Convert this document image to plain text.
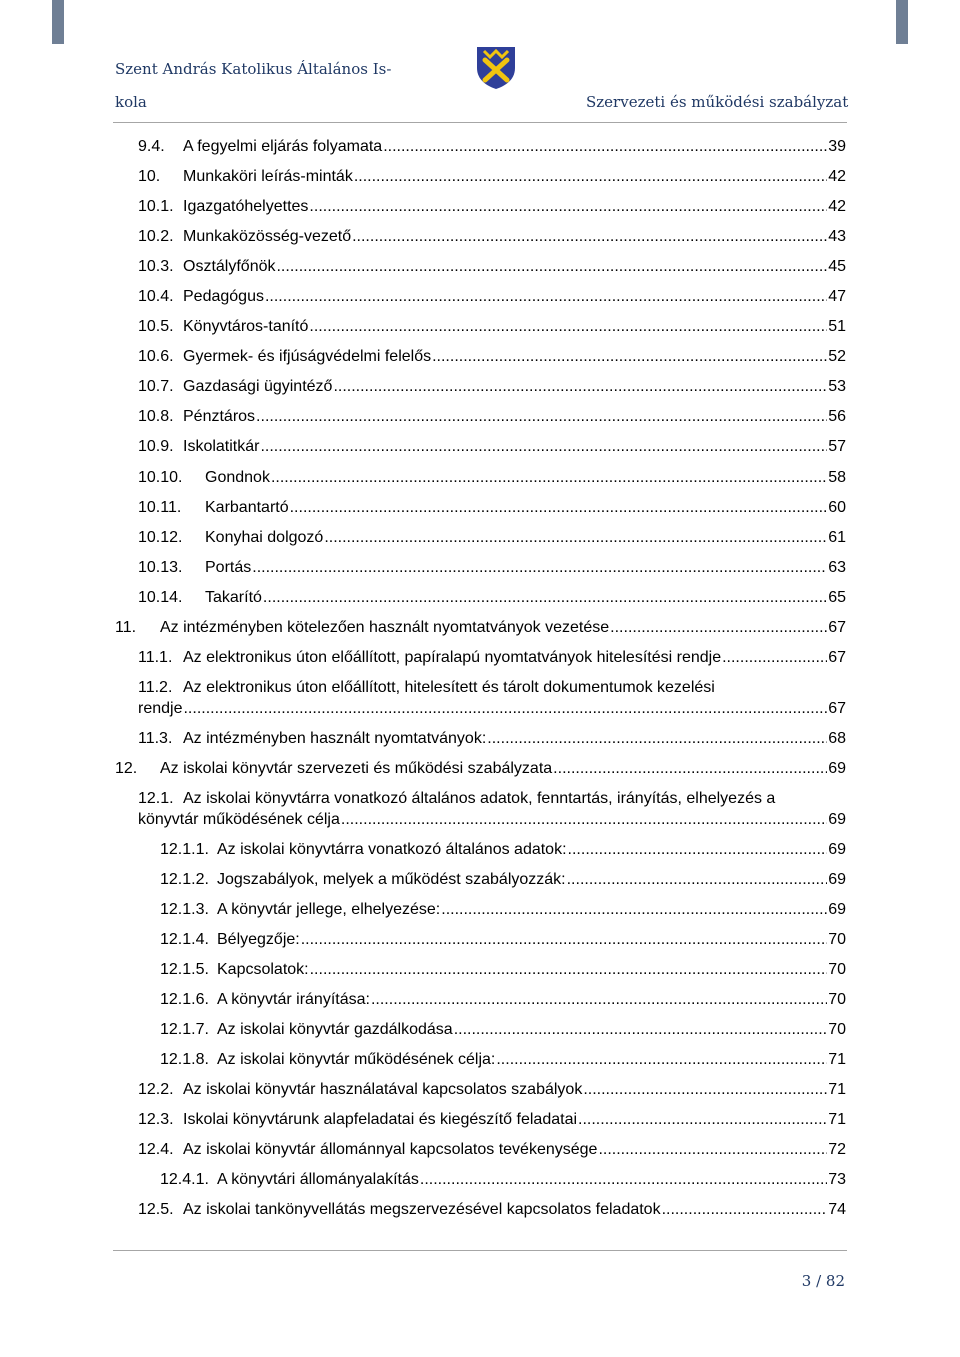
Szent András Katolikus Általános Is-
kola	Szervezeti és működési szabályzat
9.4.	A fegyelmi eljárás folyamata .....	39
10.	Munkaköri leírás-minták .....	42
10.1. Igazgatóhelyettes .....	42
10.2. Munkaközösség-vezető .....	43
10.3. Osztályfőnök .....	45
10.4. Pedagógus .....	47
10.5. Könyvtáros-tanító .....	51
10.6. Gyermek- és ifjúságvédelmi felelős .....	52
10.7. Gazdasági ügyintéző .....	53
10.8. Pénztáros .....	56
10.9. Iskolatitkár .....	57
10.10.	Gondnok .....	58
10.11.	Karbantartó .....	60
10.12.	Konyhai dolgozó .....	61
10.13.	Portás .....	63
10.14.	Takarító .....	65
11.	Az intézményben kötelezően használt nyomtatványok vezetése .....	67
11.1. Az elektronikus úton előállított, papíralapú nyomtatványok hitelesítési rendje .....	67
11.2. Az elektronikus úton előállított, hitelesített és tárolt dokumentumok kezelési
rendje .....	67
11.3. Az intézményben használt nyomtatványok: .....	68
12.	Az iskolai könyvtár szervezeti és működési szabályzata .....	69
12.1. Az iskolai könyvtárra vonatkozó általános adatok, fenntartás, irányítás, elhelyezés a
könyvtár működésének célja .....	69
12.1.1. Az iskolai könyvtárra vonatkozó általános adatok: .....	69
12.1.2. Jogszabályok, melyek a működést szabályozzák: .....	69
12.1.3. A könyvtár jellege, elhelyezése: .....	69
12.1.4. Bélyegzője: .....	70
12.1.5. Kapcsolatok: .....	70
12.1.6. A könyvtár irányítása: .....	70
12.1.7. Az iskolai könyvtár gazdálkodása .....	70
12.1.8. Az iskolai könyvtár működésének célja: .....	71
12.2. Az iskolai könyvtár használatával kapcsolatos szabályok .....	71
12.3. Iskolai könyvtárunk alapfeladatai és kiegészítő feladatai .....	71
12.4. Az iskolai könyvtár állománnyal kapcsolatos tevékenysége .....	72
12.4.1. A könyvtári állományalakítás .....	73
12.5. Az iskolai tankönyvellátás megszervezésével kapcsolatos feladatok .....	74
3 / 82
